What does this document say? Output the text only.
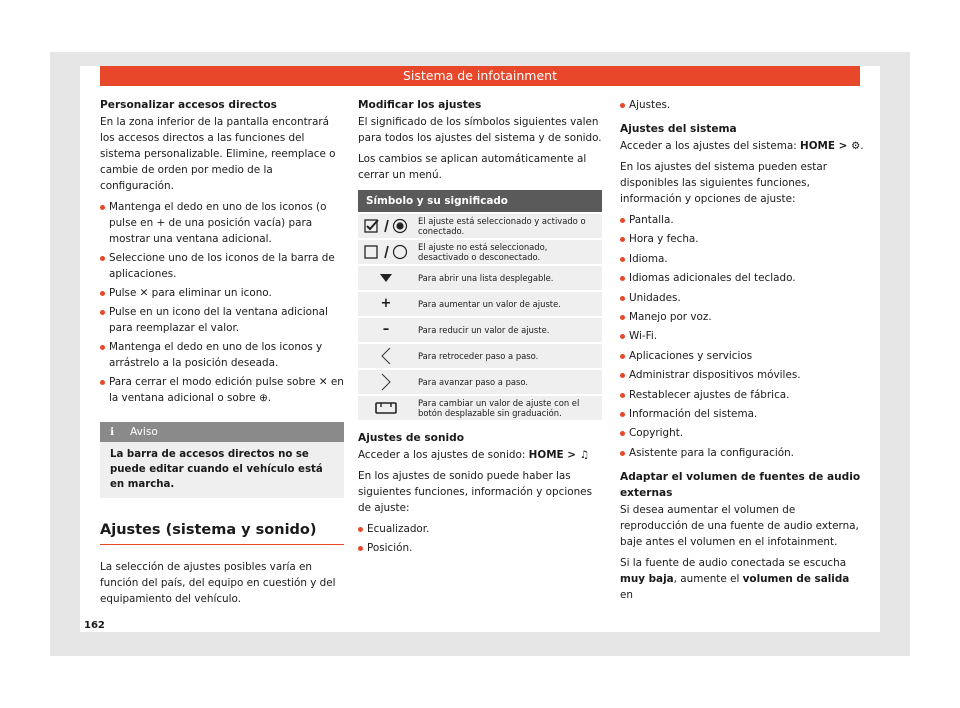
Sistema de infotainment
Personalizar accesos directos

En la zona inferior de la pantalla encontrará los accesos directos a las funciones del sistema personalizable. Elimine, reemplace o cambie de orden por medio de la configuración.

Mantenga el dedo en uno de los iconos (o pulse en + de una posición vacía) para mostrar una ventana adicional.
Seleccione uno de los iconos de la barra de aplicaciones.
Pulse ✕ para eliminar un icono.
Pulse en un icono del la ventana adicional para reemplazar el valor.
Mantenga el dedo en uno de los iconos y arrástrelo a la posición deseada.
Para cerrar el modo edición pulse sobre ✕ en la ventana adicional o sobre ⊕.
ℹ Aviso
La barra de accesos directos no se puede editar cuando el vehículo está en marcha.
Ajustes (sistema y sonido)

La selección de ajustes posibles varía en función del país, del equipo en cuestión y del equipamiento del vehículo.

Modificar los ajustes

El significado de los símbolos siguientes valen para todos los ajustes del sistema y de sonido.

Los cambios se aplican automáticamente al cerrar un menú.

Símbolo y su significado	
	El ajuste está seleccionado y activado o conectado.
	El ajuste no está seleccionado, desactivado o desconectado.
	Para abrir una lista desplegable.
+	Para aumentar un valor de ajuste.
–	Para reducir un valor de ajuste.
	Para retroceder paso a paso.
	Para avanzar paso a paso.
	Para cambiar un valor de ajuste con el botón desplazable sin graduación.
Ajustes de sonido

Acceder a los ajustes de sonido: HOME > ♫

En los ajustes de sonido puede haber las siguientes funciones, información y opciones de ajuste:

Ecualizador.
Posición.
Ajustes.
Ajustes del sistema

Acceder a los ajustes del sistema: HOME > ⚙.

En los ajustes del sistema pueden estar disponibles las siguientes funciones, información y opciones de ajuste:

Pantalla.
Hora y fecha.
Idioma.
Idiomas adicionales del teclado.
Unidades.
Manejo por voz.
Wi-Fi.
Aplicaciones y servicios
Administrar dispositivos móviles.
Restablecer ajustes de fábrica.
Información del sistema.
Copyright.
Asistente para la configuración.
Adaptar el volumen de fuentes de audio externas

Si desea aumentar el volumen de reproducción de una fuente de audio externa, baje antes el volumen en el infotainment.

Si la fuente de audio conectada se escucha muy baja, aumente el volumen de salida en

162
